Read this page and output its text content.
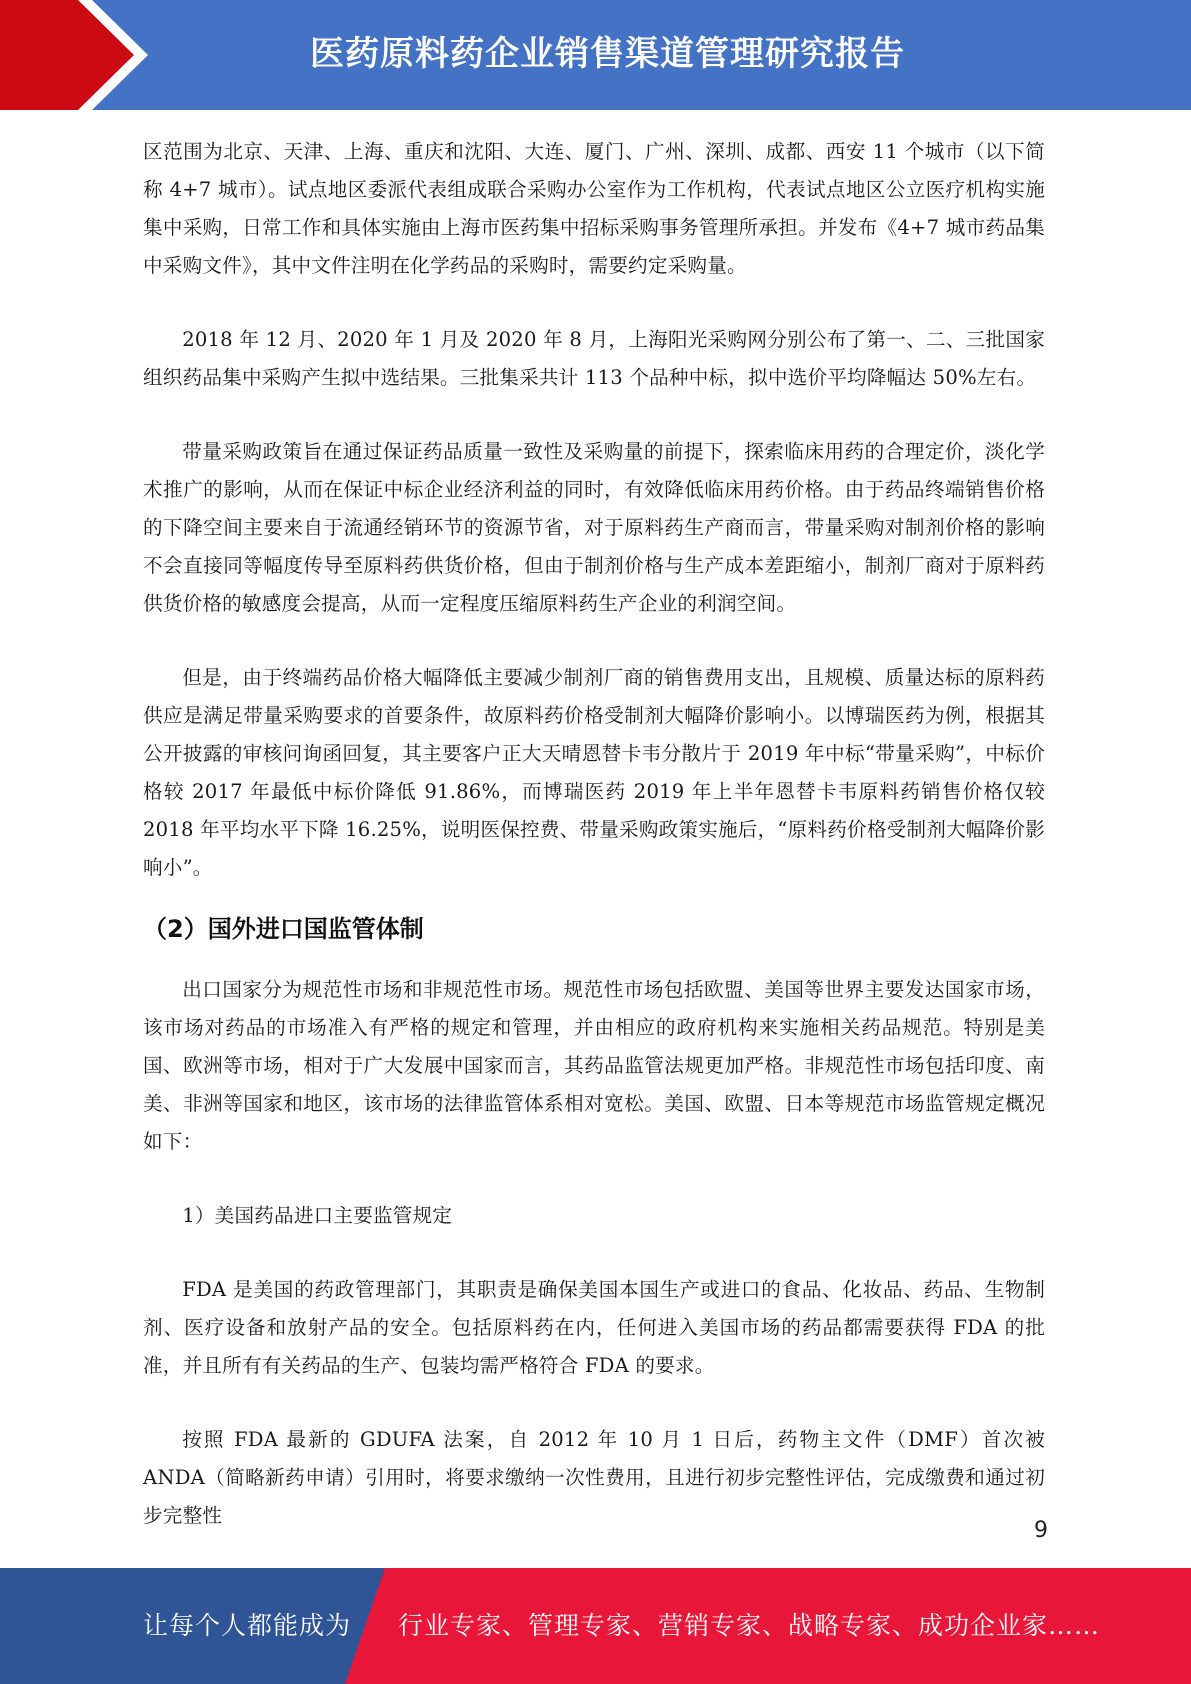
医药原料药企业销售渠道管理研究报告

区范围为北京、天津、上海、重庆和沈阳、大连、厦门、广州、深圳、成都、西安 11 个城市（以下简称 4+7 城市）。试点地区委派代表组成联合采购办公室作为工作机构，代表试点地区公立医疗机构实施集中采购，日常工作和具体实施由上海市医药集中招标采购事务管理所承担。并发布《4+7 城市药品集中采购文件》，其中文件注明在化学药品的采购时，需要约定采购量。

2018 年 12 月、2020 年 1 月及 2020 年 8 月，上海阳光采购网分别公布了第一、二、三批国家组织药品集中采购产生拟中选结果。三批集采共计 113 个品种中标，拟中选价平均降幅达 50%左右。

带量采购政策旨在通过保证药品质量一致性及采购量的前提下，探索临床用药的合理定价，淡化学术推广的影响，从而在保证中标企业经济利益的同时，有效降低临床用药价格。由于药品终端销售价格的下降空间主要来自于流通经销环节的资源节省，对于原料药生产商而言，带量采购对制剂价格的影响不会直接同等幅度传导至原料药供货价格，但由于制剂价格与生产成本差距缩小，制剂厂商对于原料药供货价格的敏感度会提高，从而一定程度压缩原料药生产企业的利润空间。

但是，由于终端药品价格大幅降低主要减少制剂厂商的销售费用支出，且规模、质量达标的原料药供应是满足带量采购要求的首要条件，故原料药价格受制剂大幅降价影响小。以博瑞医药为例，根据其公开披露的审核问询函回复，其主要客户正大天晴恩替卡韦分散片于 2019 年中标“带量采购”，中标价格较 2017 年最低中标价降低 91.86%，而博瑞医药 2019 年上半年恩替卡韦原料药销售价格仅较 2018 年平均水平下降 16.25%，说明医保控费、带量采购政策实施后，“原料药价格受制剂大幅降价影响小”。

（2）国外进口国监管体制

出口国家分为规范性市场和非规范性市场。规范性市场包括欧盟、美国等世界主要发达国家市场，该市场对药品的市场准入有严格的规定和管理，并由相应的政府机构来实施相关药品规范。特别是美国、欧洲等市场，相对于广大发展中国家而言，其药品监管法规更加严格。非规范性市场包括印度、南美、非洲等国家和地区，该市场的法律监管体系相对宽松。美国、欧盟、日本等规范市场监管规定概况如下：

1）美国药品进口主要监管规定

FDA 是美国的药政管理部门，其职责是确保美国本国生产或进口的食品、化妆品、药品、生物制剂、医疗设备和放射产品的安全。包括原料药在内，任何进入美国市场的药品都需要获得 FDA 的批准，并且所有有关药品的生产、包装均需严格符合 FDA 的要求。

按照 FDA 最新的 GDUFA 法案，自 2012 年 10 月 1 日后，药物主文件（DMF）首次被 ANDA（简略新药申请）引用时，将要求缴纳一次性费用，且进行初步完整性评估，完成缴费和通过初步完整性

9
让每个人都能成为 行业专家、管理专家、营销专家、战略专家、成功企业家……
